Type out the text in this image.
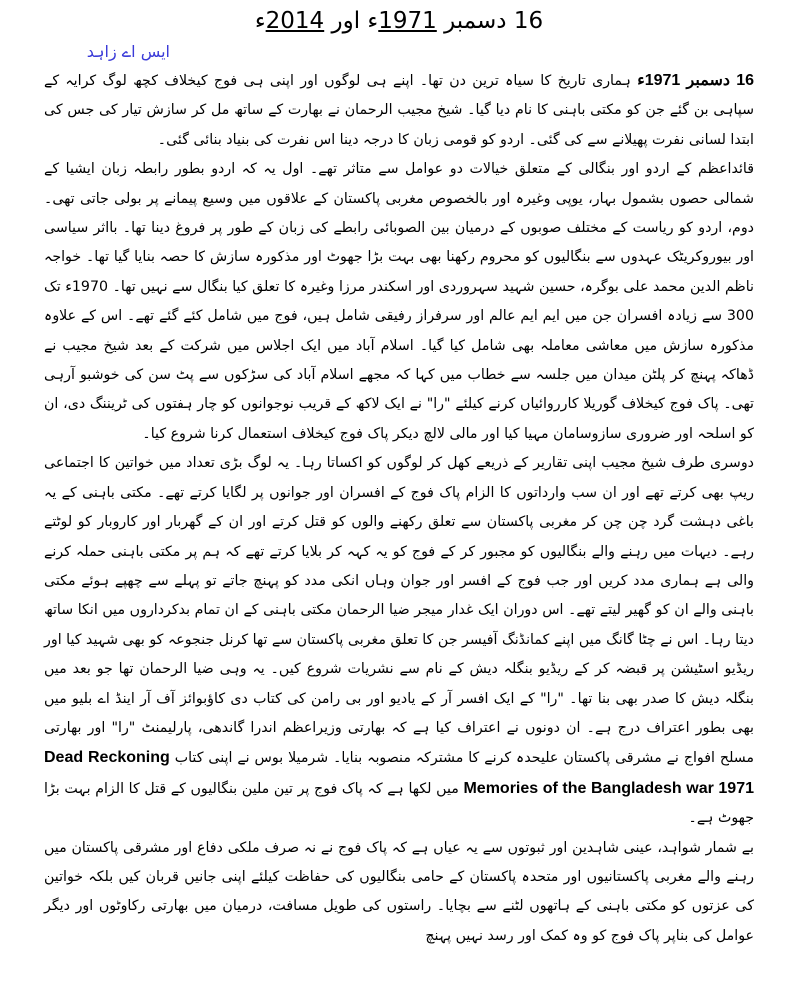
16 دسمبر 1971ء اور 2014ء
ایس اے زاہد

16 دسمبر 1971ء ہماری تاریخ کا سیاہ ترین دن تھا۔ اپنے ہی لوگوں اور اپنی ہی فوج کیخلاف کچھ لوگ کرایہ کے سپاہی بن گئے جن کو مکتی باہنی کا نام دیا گیا۔ شیخ مجیب الرحمان نے بھارت کے ساتھ مل کر سازش تیار کی جس کی ابتدا لسانی نفرت پھیلانے سے کی گئی۔ اردو کو قومی زبان کا درجہ دینا اس نفرت کی بنیاد بنائی گئی۔

قائداعظم کے اردو اور بنگالی کے متعلق خیالات دو عوامل سے متاثر تھے۔ اول یہ کہ اردو بطور رابطہ زبان ایشیا کے شمالی حصوں بشمول بہار، یوپی وغیرہ اور بالخصوص مغربی پاکستان کے علاقوں میں وسیع پیمانے پر بولی جاتی تھی۔ دوم، اردو کو ریاست کے مختلف صوبوں کے درمیان بین الصوبائی رابطے کی زبان کے طور پر فروغ دینا تھا۔ بااثر سیاسی اور بیوروکریٹک عہدوں سے بنگالیوں کو محروم رکھنا بھی بہت بڑا جھوٹ اور مذکورہ سازش کا حصہ بنایا گیا تھا۔ خواجہ ناظم الدین محمد علی بوگرہ، حسین شہید سہروردی اور اسکندر مرزا وغیرہ کا تعلق کیا بنگال سے نہیں تھا۔ 1970ء تک 300 سے زیادہ افسران جن میں ایم ایم عالم اور سرفراز رفیقی شامل ہیں، فوج میں شامل کئے گئے تھے۔ اس کے علاوہ مذکورہ سازش میں معاشی معاملہ بھی شامل کیا گیا۔ اسلام آباد میں ایک اجلاس میں شرکت کے بعد شیخ مجیب نے ڈھاکہ پہنچ کر پلٹن میدان میں جلسہ سے خطاب میں کہا کہ مجھے اسلام آباد کی سڑکوں سے پٹ سن کی خوشبو آرہی تھی۔ پاک فوج کیخلاف گوریلا کارروائیاں کرنے کیلئے "را" نے ایک لاکھ کے قریب نوجوانوں کو چار ہفتوں کی ٹریننگ دی، ان کو اسلحہ اور ضروری سازوسامان مہیا کیا اور مالی لالچ دیکر پاک فوج کیخلاف استعمال کرنا شروع کیا۔

دوسری طرف شیخ مجیب اپنی تقاریر کے ذریعے کھل کر لوگوں کو اکساتا رہا۔ یہ لوگ بڑی تعداد میں خواتین کا اجتماعی ریپ بھی کرتے تھے اور ان سب وارداتوں کا الزام پاک فوج کے افسران اور جوانوں پر لگایا کرتے تھے۔ مکتی باہنی کے یہ باغی دہشت گرد چن چن کر مغربی پاکستان سے تعلق رکھنے والوں کو قتل کرتے اور ان کے گھربار اور کاروبار کو لوٹتے رہے۔ دیہات میں رہنے والے بنگالیوں کو مجبور کر کے فوج کو یہ کہہ کر بلایا کرتے تھے کہ ہم پر مکتی باہنی حملہ کرنے والی ہے ہماری مدد کریں اور جب فوج کے افسر اور جوان وہاں انکی مدد کو پہنچ جاتے تو پہلے سے چھپے ہوئے مکتی باہنی والے ان کو گھیر لیتے تھے۔ اس دوران ایک غدار میجر ضیا الرحمان مکتی باہنی کے ان تمام بدکرداروں میں انکا ساتھ دیتا رہا۔ اس نے چٹا گانگ میں اپنے کمانڈنگ آفیسر جن کا تعلق مغربی پاکستان سے تھا کرنل جنجوعہ کو بھی شہید کیا اور ریڈیو اسٹیشن پر قبضہ کر کے ریڈیو بنگلہ دیش کے نام سے نشریات شروع کیں۔ یہ وہی ضیا الرحمان تھا جو بعد میں بنگلہ دیش کا صدر بھی بنا تھا۔ "را" کے ایک افسر آر کے یادیو اور بی رامن کی کتاب دی کاؤبوائز آف آر اینڈ اے بلیو میں بھی بطور اعتراف درج ہے۔ ان دونوں نے اعتراف کیا ہے کہ بھارتی وزیراعظم اندرا گاندھی، پارلیمنٹ "را" اور بھارتی مسلح افواج نے مشرقی پاکستان علیحدہ کرنے کا مشترکہ منصوبہ بنایا۔ شرمیلا بوس نے اپنی کتاب Dead Reckoning Memories of the Bangladesh war 1971 میں لکھا ہے کہ پاک فوج پر تین ملین بنگالیوں کے قتل کا الزام بہت بڑا جھوٹ ہے۔

بے شمار شواہد، عینی شاہدین اور ثبوتوں سے یہ عیاں ہے کہ پاک فوج نے نہ صرف ملکی دفاع اور مشرقی پاکستان میں رہنے والے مغربی پاکستانیوں اور متحدہ پاکستان کے حامی بنگالیوں کی حفاظت کیلئے اپنی جانیں قربان کیں بلکہ خواتین کی عزتوں کو مکتی باہنی کے ہاتھوں لٹنے سے بچایا۔ راستوں کی طویل مسافت، درمیان میں بھارتی رکاوٹوں اور دیگر عوامل کی بناپر پاک فوج کو وہ کمک اور رسد نہیں پہنچ
